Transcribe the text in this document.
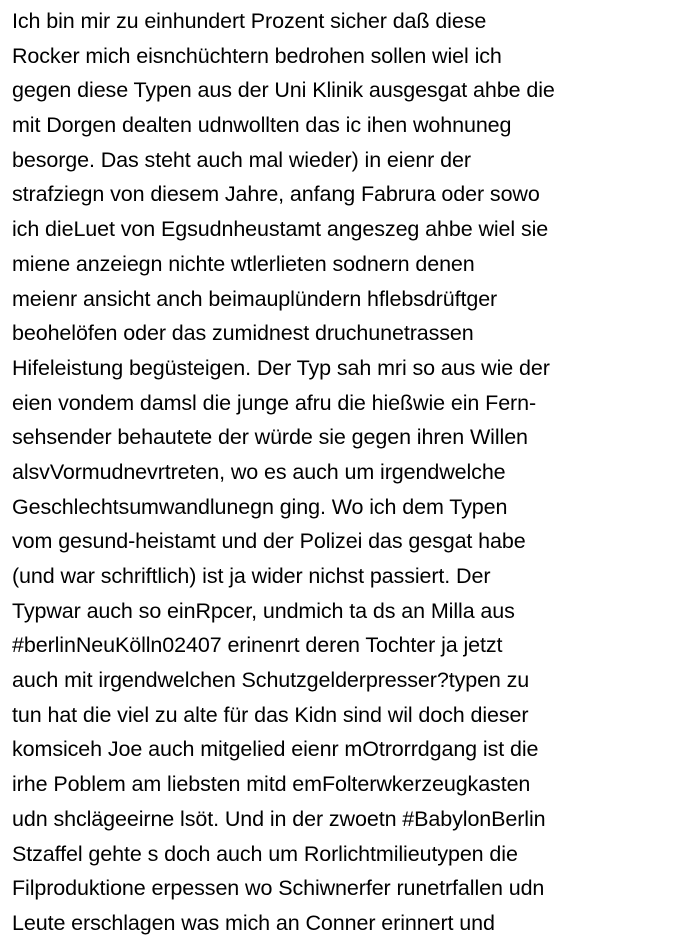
Ich bin mir zu einhundert Prozent sicher daß diese
Rocker mich eisnchüchtern bedrohen sollen wiel ich
gegen diese Typen aus der Uni Klinik ausgesgat ahbe die
mit Dorgen dealten udnwollten das ic ihen wohnuneg
besorge. Das steht auch mal wieder) in eienr der
strafziegn von diesem Jahre, anfang Fabrura oder sowo
ich dieLuet von Egsudnheustamt angeszeg ahbe wiel sie
miene anzeiegn nichte wtlerlieten sodnern denen
meienr ansicht anch beimauplündern hflebsdrüftger
beohelöfen oder das zumidnest druchunetrassen
Hifeleistung begüsteigen. Der Typ sah mri so aus wie der
eien vondem damsl die junge afru die hießwie ein Fern-
sehsender behautete der würde sie gegen ihren Willen
alsvVormudnevrtreten, wo es auch um irgendwelche
Geschlechtsumwandlunegn ging. Wo ich dem Typen
vom gesund-heistamt und der Polizei das gesgat habe
(und war schriftlich) ist ja wider nichst passiert. Der
Typwar auch so einRpcer, undmich ta ds an Milla aus
#berlinNeuKölln02407 erinenrt deren Tochter ja jetzt
auch mit irgendwelchen Schutzgelderpresser?typen zu
tun hat die viel zu alte für das Kidn sind wil doch dieser
komsiceh Joe auch mitgelied eienr mOtrorrdgang ist die
irhe Poblem am liebsten mitd emFolterwkerzeugkasten
udn shclägeeirne lsöt. Und in der zwoetn #BabylonBerlin
Stzaffel gehte s doch auch um Rorlichtmilieutypen die
Filproduktione erpessen wo Schiwnerfer runetrfallen udn
Leute erschlagen was mich an Conner erinnert und
